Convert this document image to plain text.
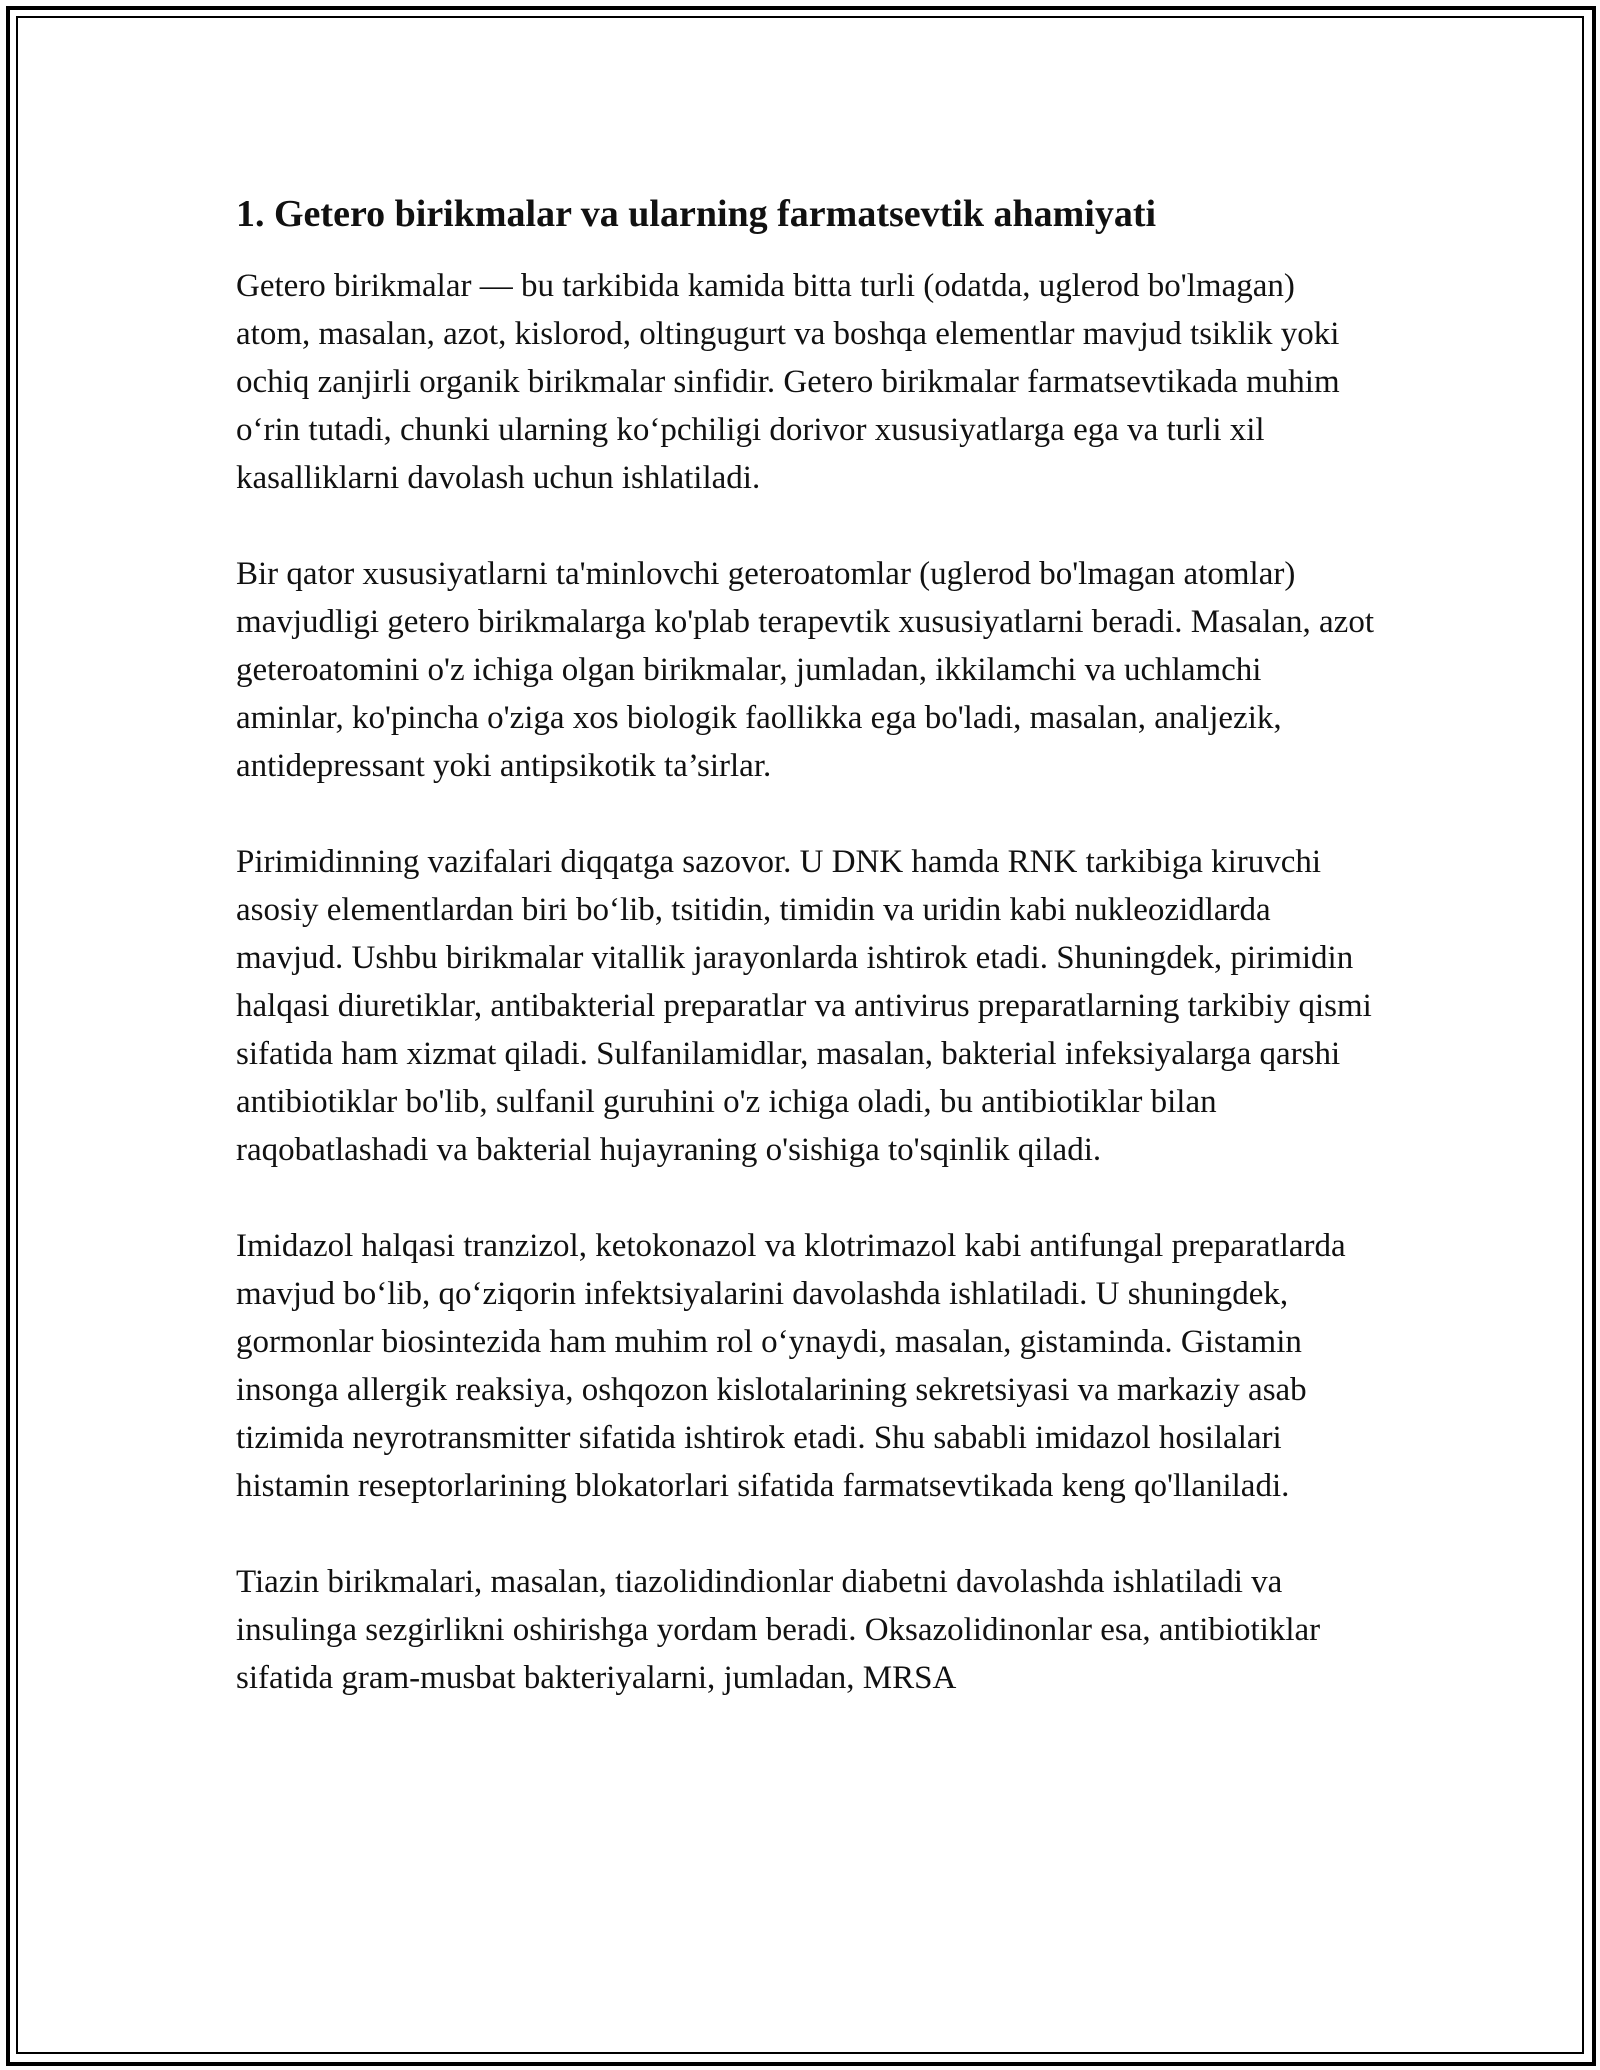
1. Getero birikmalar va ularning farmatsevtik ahamiyati

Getero birikmalar — bu tarkibida kamida bitta turli (odatda, uglerod bo'lmagan) atom, masalan, azot, kislorod, oltingugurt va boshqa elementlar mavjud tsiklik yoki ochiq zanjirli organik birikmalar sinfidir. Getero birikmalar farmatsevtikada muhim o‘rin tutadi, chunki ularning ko‘pchiligi dorivor xususiyatlarga ega va turli xil kasalliklarni davolash uchun ishlatiladi.

Bir qator xususiyatlarni ta'minlovchi geteroatomlar (uglerod bo'lmagan atomlar) mavjudligi getero birikmalarga ko'plab terapevtik xususiyatlarni beradi. Masalan, azot geteroatomini o'z ichiga olgan birikmalar, jumladan, ikkilamchi va uchlamchi aminlar, ko'pincha o'ziga xos biologik faollikka ega bo'ladi, masalan, analjezik, antidepressant yoki antipsikotik ta’sirlar.

Pirimidinning vazifalari diqqatga sazovor. U DNK hamda RNK tarkibiga kiruvchi asosiy elementlardan biri bo‘lib, tsitidin, timidin va uridin kabi nukleozidlarda mavjud. Ushbu birikmalar vitallik jarayonlarda ishtirok etadi. Shuningdek, pirimidin halqasi diuretiklar, antibakterial preparatlar va antivirus preparatlarning tarkibiy qismi sifatida ham xizmat qiladi. Sulfanilamidlar, masalan, bakterial infeksiyalarga qarshi antibiotiklar bo'lib, sulfanil guruhini o'z ichiga oladi, bu antibiotiklar bilan raqobatlashadi va bakterial hujayraning o'sishiga to'sqinlik qiladi.

Imidazol halqasi tranzizol, ketokonazol va klotrimazol kabi antifungal preparatlarda mavjud bo‘lib, qo‘ziqorin infektsiyalarini davolashda ishlatiladi. U shuningdek, gormonlar biosintezida ham muhim rol o‘ynaydi, masalan, gistaminda. Gistamin insonga allergik reaksiya, oshqozon kislotalarining sekretsiyasi va markaziy asab tizimida neyrotransmitter sifatida ishtirok etadi. Shu sababli imidazol hosilalari histamin reseptorlarining blokatorlari sifatida farmatsevtikada keng qo'llaniladi.

Tiazin birikmalari, masalan, tiazolidindionlar diabetni davolashda ishlatiladi va insulinga sezgirlikni oshirishga yordam beradi. Oksazolidinonlar esa, antibiotiklar sifatida gram-musbat bakteriyalarni, jumladan, MRSA
